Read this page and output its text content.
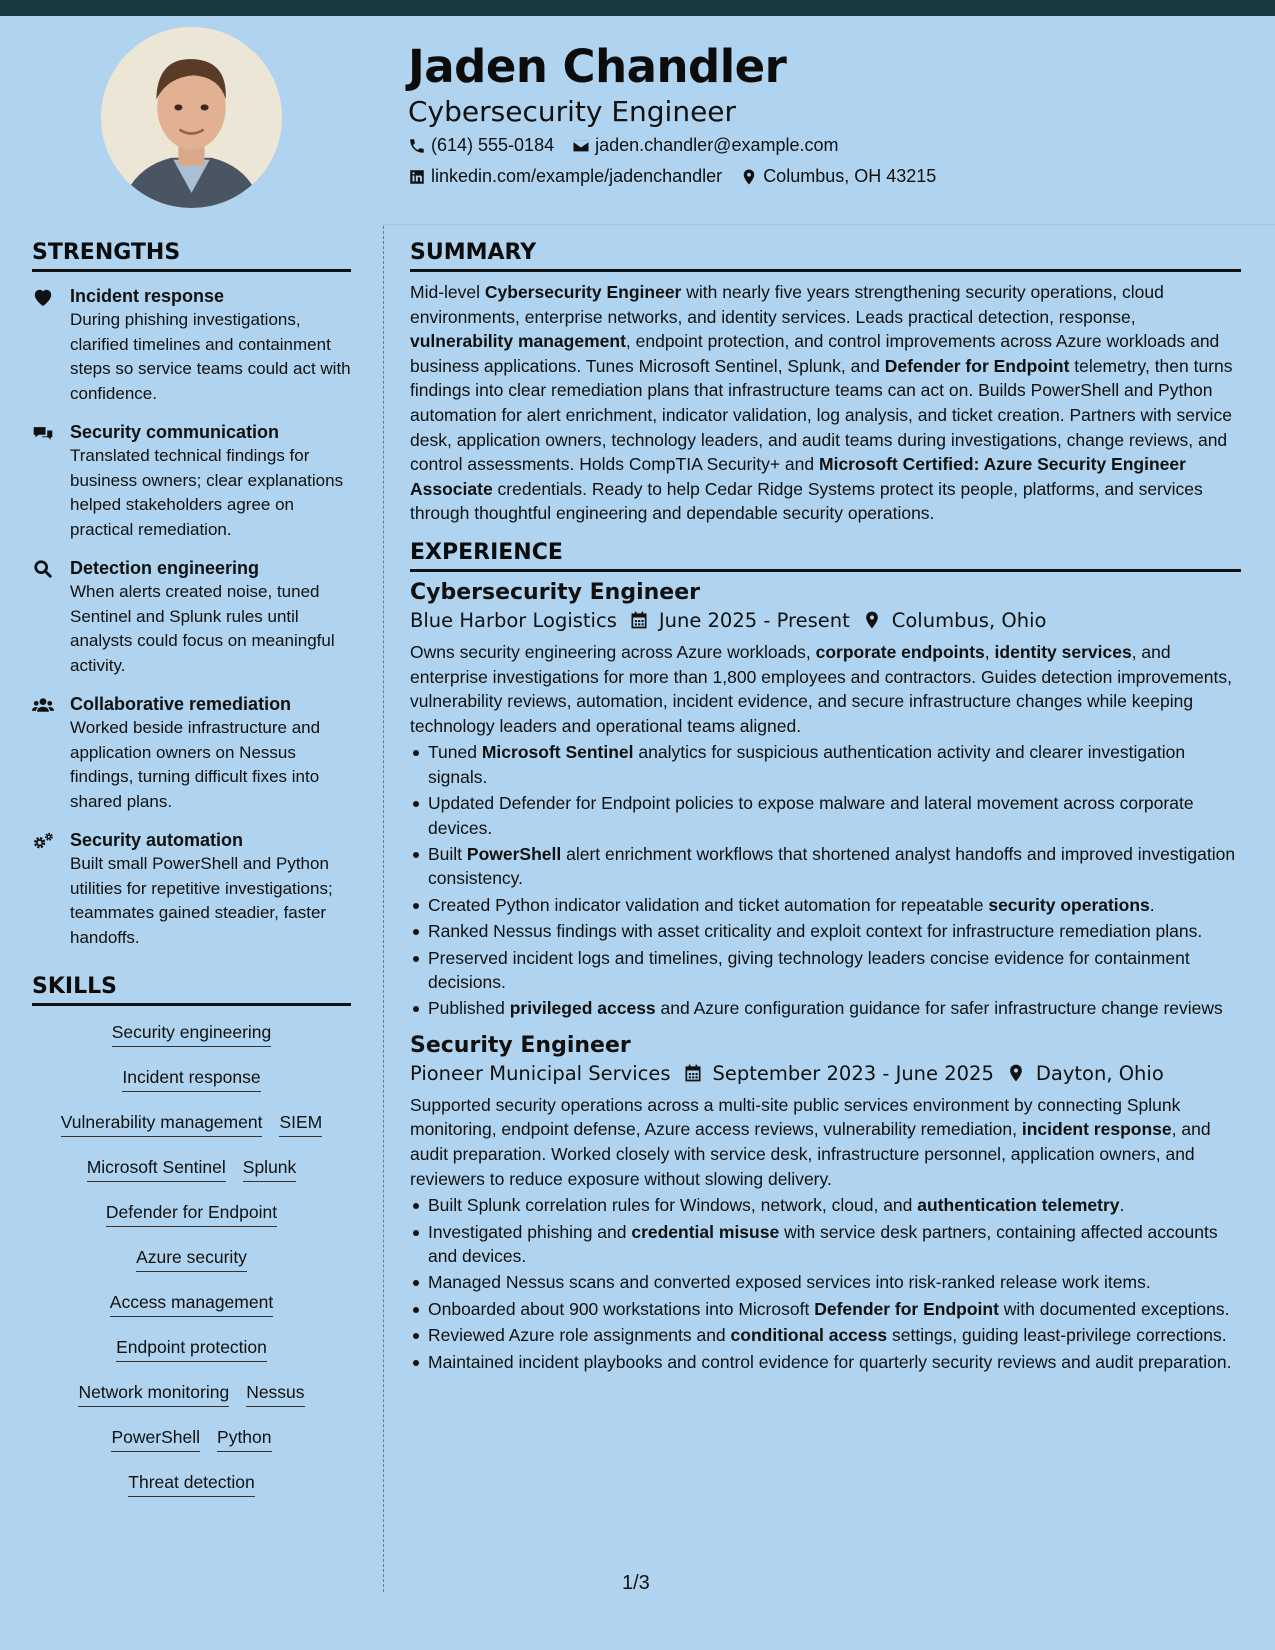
Jaden Chandler
Cybersecurity Engineer
(614) 555-0184 jaden.chandler@example.com
linkedin.com/example/jadenchandler Columbus, OH 43215
STRENGTHS
Incident response
During phishing investigations, clarified timelines and containment steps so service teams could act with confidence.
Security communication
Translated technical findings for business owners; clear explanations helped stakeholders agree on practical remediation.
Detection engineering
When alerts created noise, tuned Sentinel and Splunk rules until analysts could focus on meaningful activity.
Collaborative remediation
Worked beside infrastructure and application owners on Nessus findings, turning difficult fixes into shared plans.
Security automation
Built small PowerShell and Python utilities for repetitive investigations; teammates gained steadier, faster handoffs.
SKILLS
Security engineering
Incident response
Vulnerability management SIEM
Microsoft Sentinel Splunk
Defender for Endpoint
Azure security
Access management
Endpoint protection
Network monitoring Nessus
PowerShell Python
Threat detection
SUMMARY

Mid-level Cybersecurity Engineer with nearly five years strengthening security operations, cloud environments, enterprise networks, and identity services. Leads practical detection, response, vulnerability management, endpoint protection, and control improvements across Azure workloads and business applications. Tunes Microsoft Sentinel, Splunk, and Defender for Endpoint telemetry, then turns findings into clear remediation plans that infrastructure teams can act on. Builds PowerShell and Python automation for alert enrichment, indicator validation, log analysis, and ticket creation. Partners with service desk, application owners, technology leaders, and audit teams during investigations, change reviews, and control assessments. Holds CompTIA Security+ and Microsoft Certified: Azure Security Engineer Associate credentials. Ready to help Cedar Ridge Systems protect its people, platforms, and services through thoughtful engineering and dependable security operations.

EXPERIENCE
Cybersecurity Engineer
Blue Harbor Logistics June 2025 - Present Columbus, Ohio

Owns security engineering across Azure workloads, corporate endpoints, identity services, and enterprise investigations for more than 1,800 employees and contractors. Guides detection improvements, vulnerability reviews, automation, incident evidence, and secure infrastructure changes while keeping technology leaders and operational teams aligned.

Tuned Microsoft Sentinel analytics for suspicious authentication activity and clearer investigation signals.
Updated Defender for Endpoint policies to expose malware and lateral movement across corporate devices.
Built PowerShell alert enrichment workflows that shortened analyst handoffs and improved investigation consistency.
Created Python indicator validation and ticket automation for repeatable security operations.
Ranked Nessus findings with asset criticality and exploit context for infrastructure remediation plans.
Preserved incident logs and timelines, giving technology leaders concise evidence for containment decisions.
Published privileged access and Azure configuration guidance for safer infrastructure change reviews
Security Engineer
Pioneer Municipal Services September 2023 - June 2025 Dayton, Ohio

Supported security operations across a multi-site public services environment by connecting Splunk monitoring, endpoint defense, Azure access reviews, vulnerability remediation, incident response, and audit preparation. Worked closely with service desk, infrastructure personnel, application owners, and reviewers to reduce exposure without slowing delivery.

Built Splunk correlation rules for Windows, network, cloud, and authentication telemetry.
Investigated phishing and credential misuse with service desk partners, containing affected accounts and devices.
Managed Nessus scans and converted exposed services into risk-ranked release work items.
Onboarded about 900 workstations into Microsoft Defender for Endpoint with documented exceptions.
Reviewed Azure role assignments and conditional access settings, guiding least-privilege corrections.
Maintained incident playbooks and control evidence for quarterly security reviews and audit preparation.
1/3
